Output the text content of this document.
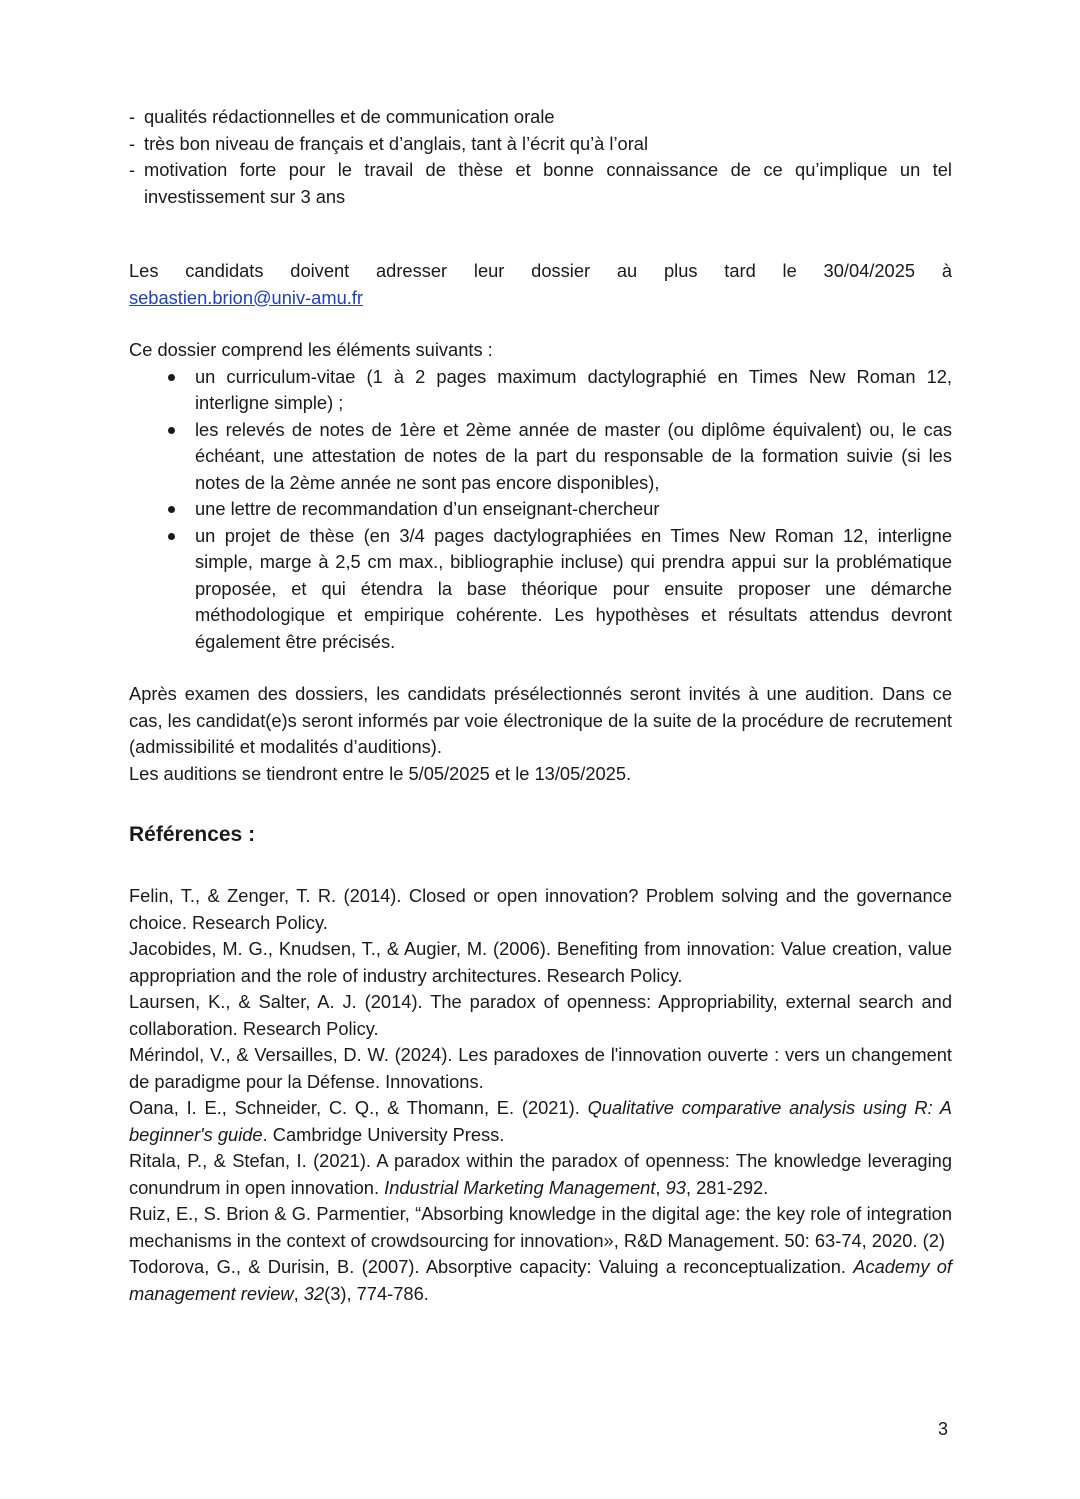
- qualités rédactionnelles et de communication orale
- très bon niveau de français et d’anglais, tant à l’écrit qu’à l’oral
- motivation forte pour le travail de thèse et bonne connaissance de ce qu’implique un tel investissement sur 3 ans
Les candidats doivent adresser leur dossier au plus tard le 30/04/2025 à
sebastien.brion@univ-amu.fr
Ce dossier comprend les éléments suivants :
un curriculum-vitae (1 à 2 pages maximum dactylographié en Times New Roman 12, interligne simple) ;
les relevés de notes de 1ère et 2ème année de master (ou diplôme équivalent) ou, le cas échéant, une attestation de notes de la part du responsable de la formation suivie (si les notes de la 2ème année ne sont pas encore disponibles),
une lettre de recommandation d’un enseignant-chercheur
un projet de thèse (en 3/4 pages dactylographiées en Times New Roman 12, interligne simple, marge à 2,5 cm max., bibliographie incluse) qui prendra appui sur la problématique proposée, et qui étendra la base théorique pour ensuite proposer une démarche méthodologique et empirique cohérente. Les hypothèses et résultats attendus devront également être précisés.
Après examen des dossiers, les candidats présélectionnés seront invités à une audition. Dans ce cas, les candidat(e)s seront informés par voie électronique de la suite de la procédure de recrutement (admissibilité et modalités d’auditions).
Les auditions se tiendront entre le 5/05/2025 et le 13/05/2025.
Références :

Felin, T., & Zenger, T. R. (2014). Closed or open innovation? Problem solving and the governance choice. Research Policy.

Jacobides, M. G., Knudsen, T., & Augier, M. (2006). Benefiting from innovation: Value creation, value appropriation and the role of industry architectures. Research Policy.

Laursen, K., & Salter, A. J. (2014). The paradox of openness: Appropriability, external search and collaboration. Research Policy.

Mérindol, V., & Versailles, D. W. (2024). Les paradoxes de l'innovation ouverte : vers un changement de paradigme pour la Défense. Innovations.

Oana, I. E., Schneider, C. Q., & Thomann, E. (2021). Qualitative comparative analysis using R: A beginner's guide. Cambridge University Press.

Ritala, P., & Stefan, I. (2021). A paradox within the paradox of openness: The knowledge leveraging conundrum in open innovation. Industrial Marketing Management, 93, 281-292.

Ruiz, E., S. Brion & G. Parmentier, “Absorbing knowledge in the digital age: the key role of integration mechanisms in the context of crowdsourcing for innovation», R&D Management. 50: 63-74, 2020. (2)

Todorova, G., & Durisin, B. (2007). Absorptive capacity: Valuing a reconceptualization. Academy of management review, 32(3), 774-786.

3
